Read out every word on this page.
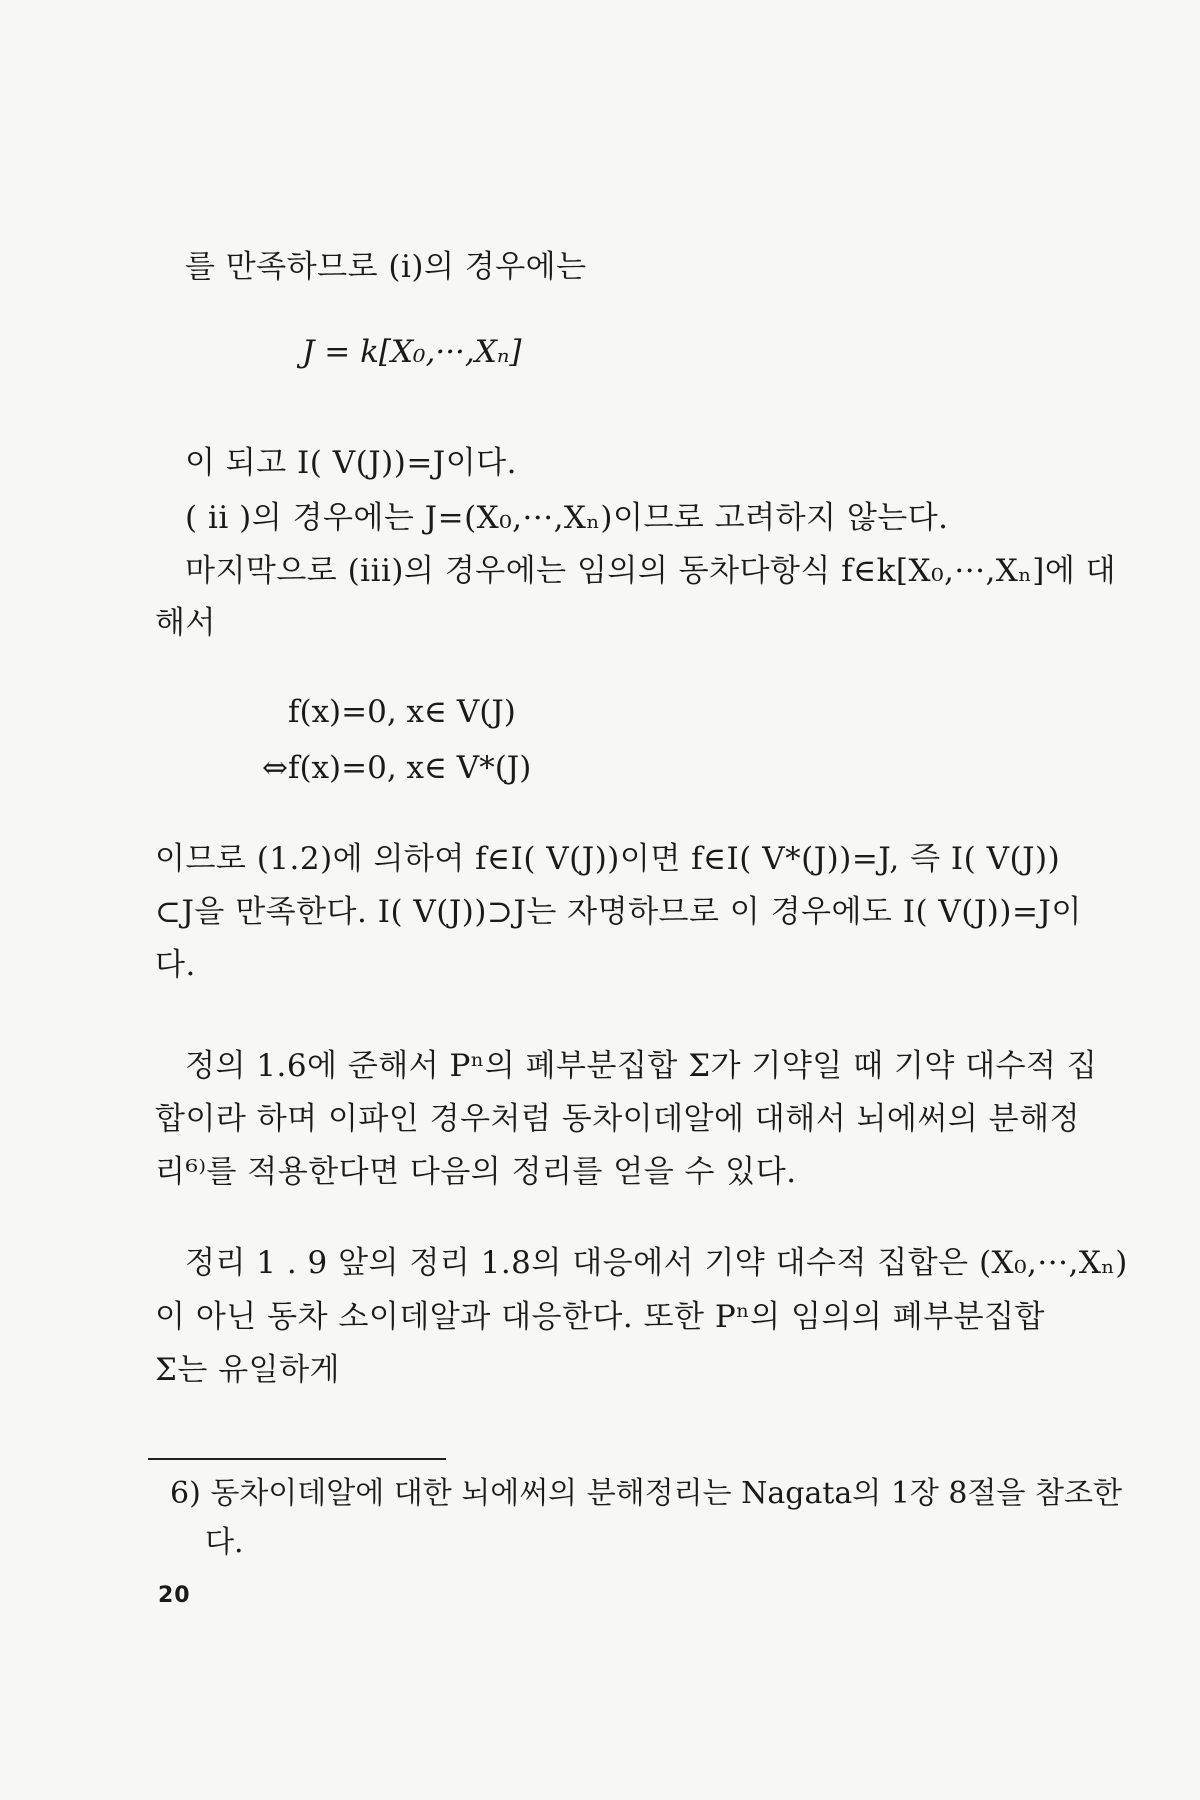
를 만족하므로 (i)의 경우에는
J = k[X₀,···,Xₙ]
이 되고 I( V(J))=J이다.
( ii )의 경우에는 J=(X₀,···,Xₙ)이므로 고려하지 않는다.
마지막으로 (iii)의 경우에는 임의의 동차다항식 f∈k[X₀,···,Xₙ]에 대
해서
f(x)=0, x∈ V(J)
⇔f(x)=0, x∈ V*(J)
이므로 (1.2)에 의하여 f∈I( V(J))이면 f∈I( V*(J))=J, 즉 I( V(J))
⊂J을 만족한다. I( V(J))⊃J는 자명하므로 이 경우에도 I( V(J))=J이
다.
정의 1.6에 준해서 Pⁿ의 폐부분집합 Σ가 기약일 때 기약 대수적 집
합이라 하며 이파인 경우처럼 동차이데알에 대해서 뇌에써의 분해정
리⁶⁾를 적용한다면 다음의 정리를 얻을 수 있다.
정리 1 . 9 앞의 정리 1.8의 대응에서 기약 대수적 집합은 (X₀,···,Xₙ)
이 아닌 동차 소이데알과 대응한다. 또한 Pⁿ의 임의의 폐부분집합
Σ는 유일하게
6) 동차이데알에 대한 뇌에써의 분해정리는 Nagata의 1장 8절을 참조한
다.
20
